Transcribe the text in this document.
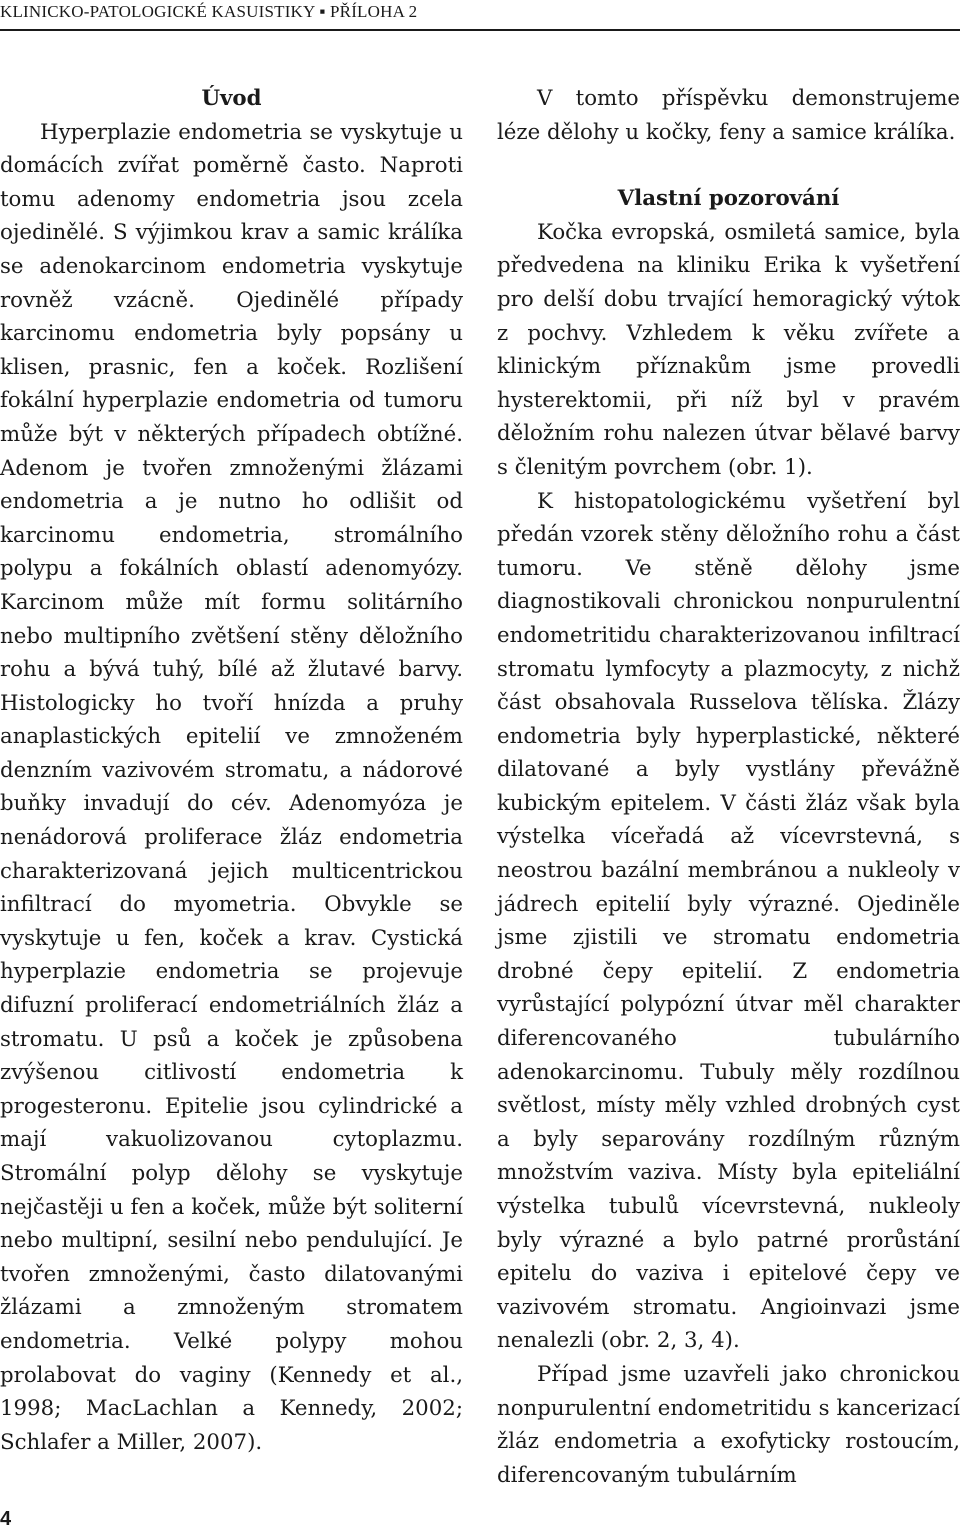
KLINICKO-PATOLOGICKÉ KASUISTIKY ▪ PŘÍLOHA 2

Úvod

Hyperplazie endometria se vyskytuje u domácích zvířat poměrně často. Naproti tomu adenomy endometria jsou zcela ojedinělé. S výjimkou krav a samic králíka se adenokarcinom endometria vyskytuje rovněž vzácně. Ojedinělé případy karcinomu endometria byly popsány u klisen, prasnic, fen a koček. Rozlišení fokální hyperplazie endometria od tumoru může být v některých případech obtížné. Adenom je tvořen zmnoženými žlázami endometria a je nutno ho odlišit od karcinomu endometria, stromálního polypu a fokálních oblastí adenomyózy. Karcinom může mít formu solitárního nebo multipního zvětšení stěny děložního rohu a bývá tuhý, bílé až žlutavé barvy. Histologicky ho tvoří hnízda a pruhy anaplastických epitelií ve zmnoženém denzním vazivovém stromatu, a nádorové buňky invadují do cév. Adenomyóza je nenádorová proliferace žláz endometria charakterizovaná jejich multicentrickou infiltrací do myometria. Obvykle se vyskytuje u fen, koček a krav. Cystická hyperplazie endometria se projevuje difuzní proliferací endometriálních žláz a stromatu. U psů a koček je způsobena zvýšenou citlivostí endometria k progesteronu. Epitelie jsou cylindrické a mají vakuolizovanou cytoplazmu. Stromální polyp dělohy se vyskytuje nejčastěji u fen a koček, může být soliterní nebo multipní, sesilní nebo pendulující. Je tvořen zmnoženými, často dilatovanými žlázami a zmnoženým stromatem endometria. Velké polypy mohou prolabovat do vaginy (Kennedy et al., 1998; MacLachlan a Kennedy, 2002; Schlafer a Miller, 2007).

V tomto příspěvku demonstrujeme léze dělohy u kočky, feny a samice králíka.

Vlastní pozorování

Kočka evropská, osmiletá samice, byla předvedena na kliniku Erika k vyšetření pro delší dobu trvající hemoragický výtok z pochvy. Vzhledem k věku zvířete a klinickým příznakům jsme provedli hysterektomii, při níž byl v pravém děložním rohu nalezen útvar bělavé barvy s členitým povrchem (obr. 1).

K histopatologickému vyšetření byl předán vzorek stěny děložního rohu a část tumoru. Ve stěně dělohy jsme diagnostikovali chronickou nonpurulentní endometritidu charakterizovanou infiltrací stromatu lymfocyty a plazmocyty, z nichž část obsahovala Russelova tělíska. Žlázy endometria byly hyperplastické, některé dilatované a byly vystlány převážně kubickým epitelem. V části žláz však byla výstelka víceřadá až vícevrstevná, s neostrou bazální membránou a nukleoly v jádrech epitelií byly výrazné. Ojediněle jsme zjistili ve stromatu endometria drobné čepy epitelií. Z endometria vyrůstající polypózní útvar měl charakter diferencovaného tubulárního adenokarcinomu. Tubuly měly rozdílnou světlost, místy měly vzhled drobných cyst a byly separovány rozdílným různým množstvím vaziva. Místy byla epiteliální výstelka tubulů vícevrstevná, nukleoly byly výrazné a bylo patrné prorůstání epitelu do vaziva i epitelové čepy ve vazivovém stromatu. Angioinvazi jsme nenalezli (obr. 2, 3, 4).

Případ jsme uzavřeli jako chronickou nonpurulentní endometritidu s kancerizací žláz endometria a exofyticky rostoucím, diferencovaným tubulárním

4
